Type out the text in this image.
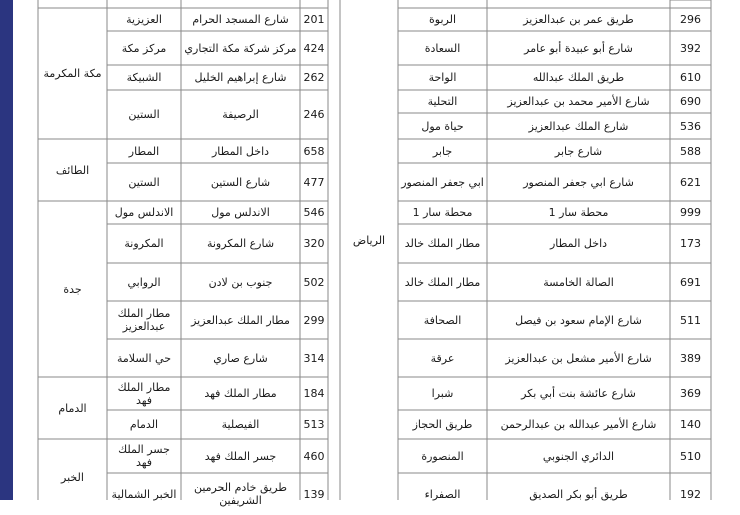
296
طريق عمر بن عبدالعزيز
الربوة
392
شارع أبو عبيدة أبو عامر
السعادة
610
طريق الملك عبدالله
الواحة
690
شارع الأمير محمد بن عبدالعزيز
التحلية
536
شارع الملك عبدالعزيز
حياة مول
588
شارع جابر
جابر
621
شارع ابي جعفر المنصور
ابي جعفر المنصور
999
محطة سار 1
محطة سار 1
173
داخل المطار
مطار الملك خالد
691
الصالة الخامسة
مطار الملك خالد
511
شارع الإمام سعود بن فيصل
الصحافة
389
شارع الأمير مشعل بن عبدالعزيز
عرقة
369
شارع عائشة بنت أبي بكر
شبرا
140
شارع الأمير عبدالله بن عبدالرحمن
طريق الحجاز
510
الدائري الجنوبي
المنصورة
192
طريق أبو بكر الصديق
الصفراء
الرياض
201
شارع المسجد الحرام
العزيزية
424
مركز شركة مكة التجاري
مركز مكة
262
شارع إبراهيم الخليل
الشبيكة
246
الرصيفة
الستين
658
داخل المطار
المطار
477
شارع الستين
الستين
546
الاندلس مول
الاندلس مول
320
شارع المكرونة
المكرونة
502
جنوب بن لادن
الروابي
299
مطار الملك عبدالعزيز
مطار الملك عبدالعزيز
314
شارع صاري
حي السلامة
184
مطار الملك فهد
مطار الملك فهد
513
الفيصلية
الدمام
460
جسر الملك فهد
جسر الملك فهد
139
طريق خادم الحرمين الشريفين
الخبر الشمالية
مكة المكرمة
الطائف
جدة
الدمام
الخبر
